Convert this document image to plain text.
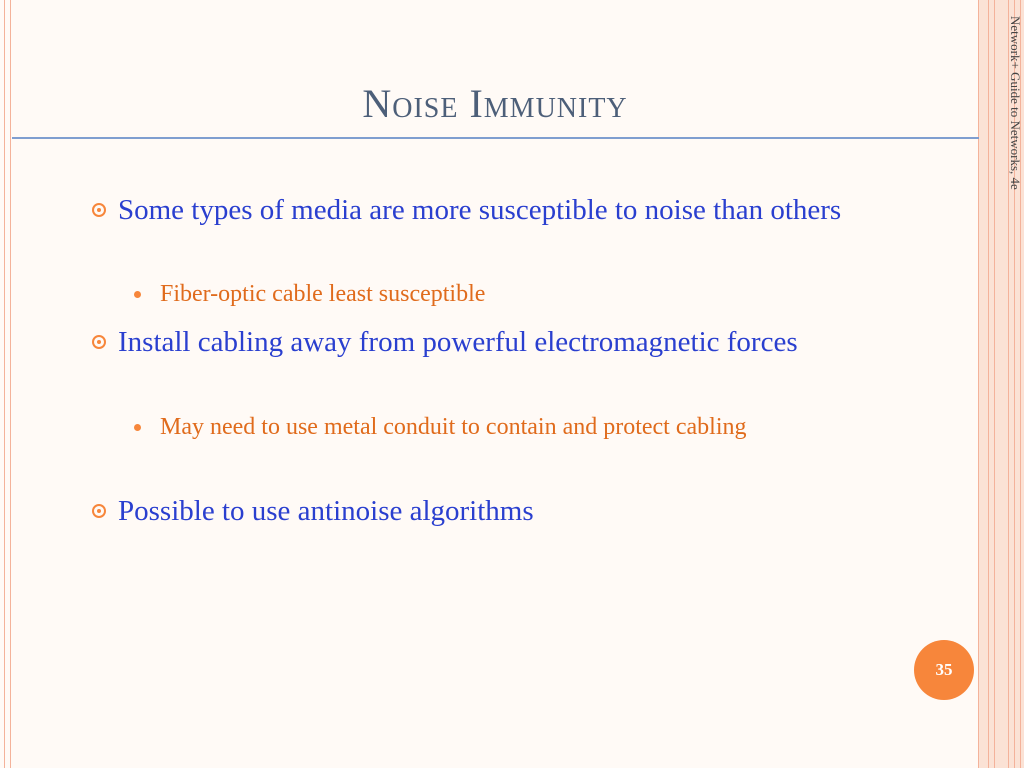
Network+ Guide to Networks, 4e
Noise Immunity
Some types of media are more susceptible to noise than others
Fiber-optic cable least susceptible
Install cabling away from powerful electromagnetic forces
May need to use metal conduit to contain and protect cabling
Possible to use antinoise algorithms
35
